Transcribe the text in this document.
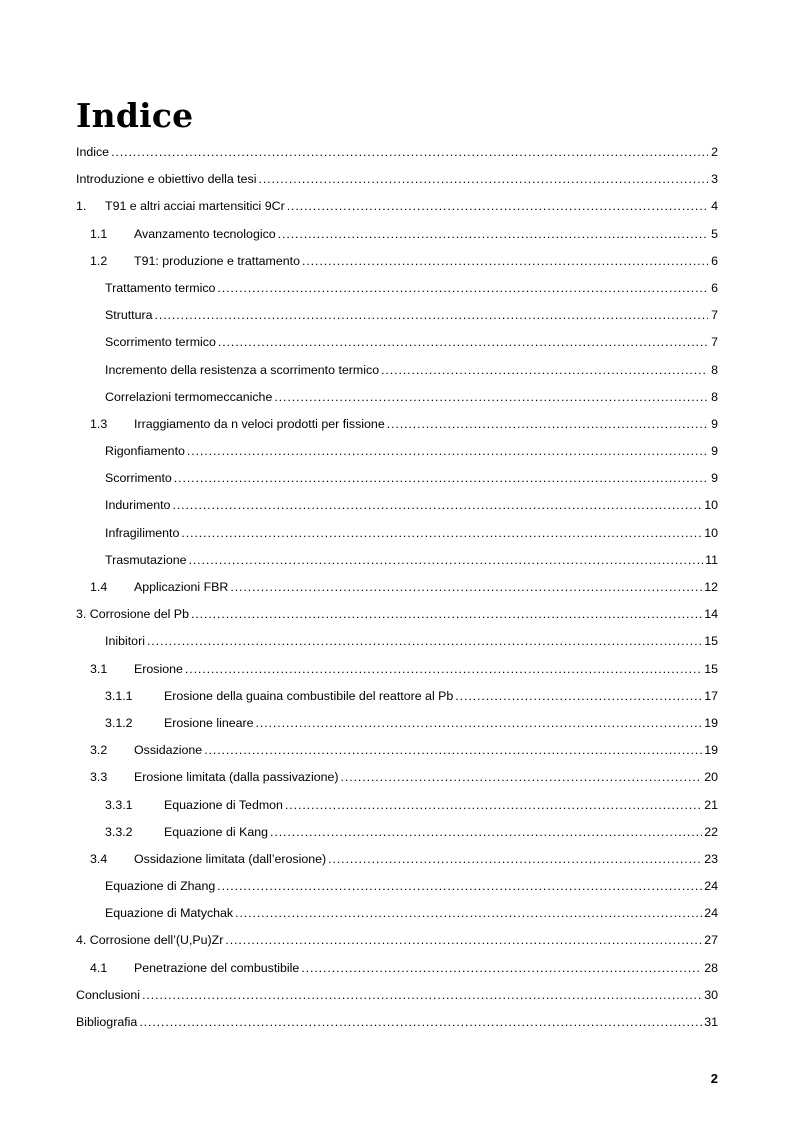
Indice
Indice .....	2
Introduzione e obiettivo della tesi .....	3
1.	T91 e altri acciai martensitici 9Cr .....	4
1.1	Avanzamento tecnologico .....	5
1.2	T91: produzione e trattamento .....	6
Trattamento termico .....	6
Struttura .....	7
Scorrimento termico .....	7
Incremento della resistenza a scorrimento termico .....	8
Correlazioni termomeccaniche .....	8
1.3	Irraggiamento da n veloci prodotti per fissione .....	9
Rigonfiamento .....	9
Scorrimento .....	9
Indurimento .....	10
Infragilimento .....	10
Trasmutazione .....	11
1.4	Applicazioni FBR .....	12
3. Corrosione del Pb .....	14
Inibitori .....	15
3.1	Erosione .....	15
3.1.1	Erosione della guaina combustibile del reattore al Pb .....	17
3.1.2	Erosione lineare .....	19
3.2	Ossidazione .....	19
3.3	Erosione limitata (dalla passivazione) .....	20
3.3.1	Equazione di Tedmon .....	21
3.3.2	Equazione di Kang .....	22
3.4	Ossidazione limitata (dall’erosione) .....	23
Equazione di Zhang .....	24
Equazione di Matychak .....	24
4. Corrosione dell’(U,Pu)Zr .....	27
4.1	Penetrazione del combustibile .....	28
Conclusioni .....	30
Bibliografia .....	31
2
